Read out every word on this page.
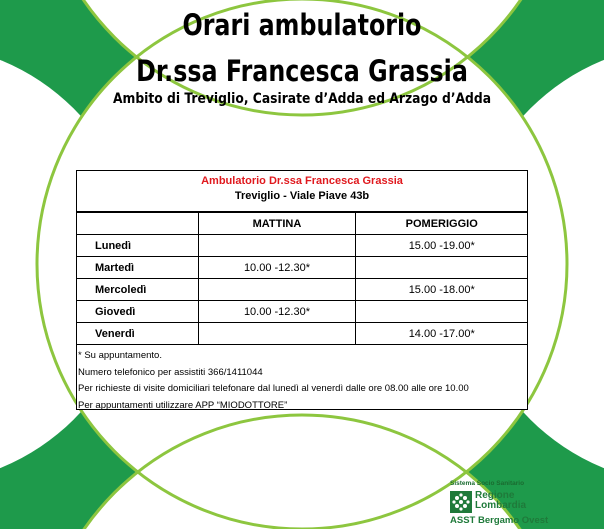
Orari ambulatorio
Dr.ssa Francesca Grassia
Ambito di Treviglio, Casirate d’Adda ed Arzago d’Adda
Ambulatorio Dr.ssa Francesca Grassia
Treviglio - Viale Piave 43b
	MATTINA	POMERIGGIO
Lunedì		15.00 -19.00*
Martedì	10.00 -12.30*	
Mercoledì		15.00 -18.00*
Giovedì	10.00 -12.30*	
Venerdì		14.00 -17.00*
* Su appuntamento.
Numero telefonico per assistiti 366/1411044
Per richieste di visite domiciliari telefonare dal lunedì al venerdì dalle ore 08.00 alle ore 10.00
Per appuntamenti utilizzare APP “MIODOTTORE”
Sistema Socio Sanitario
Regione
Lombardia
ASST Bergamo Ovest
